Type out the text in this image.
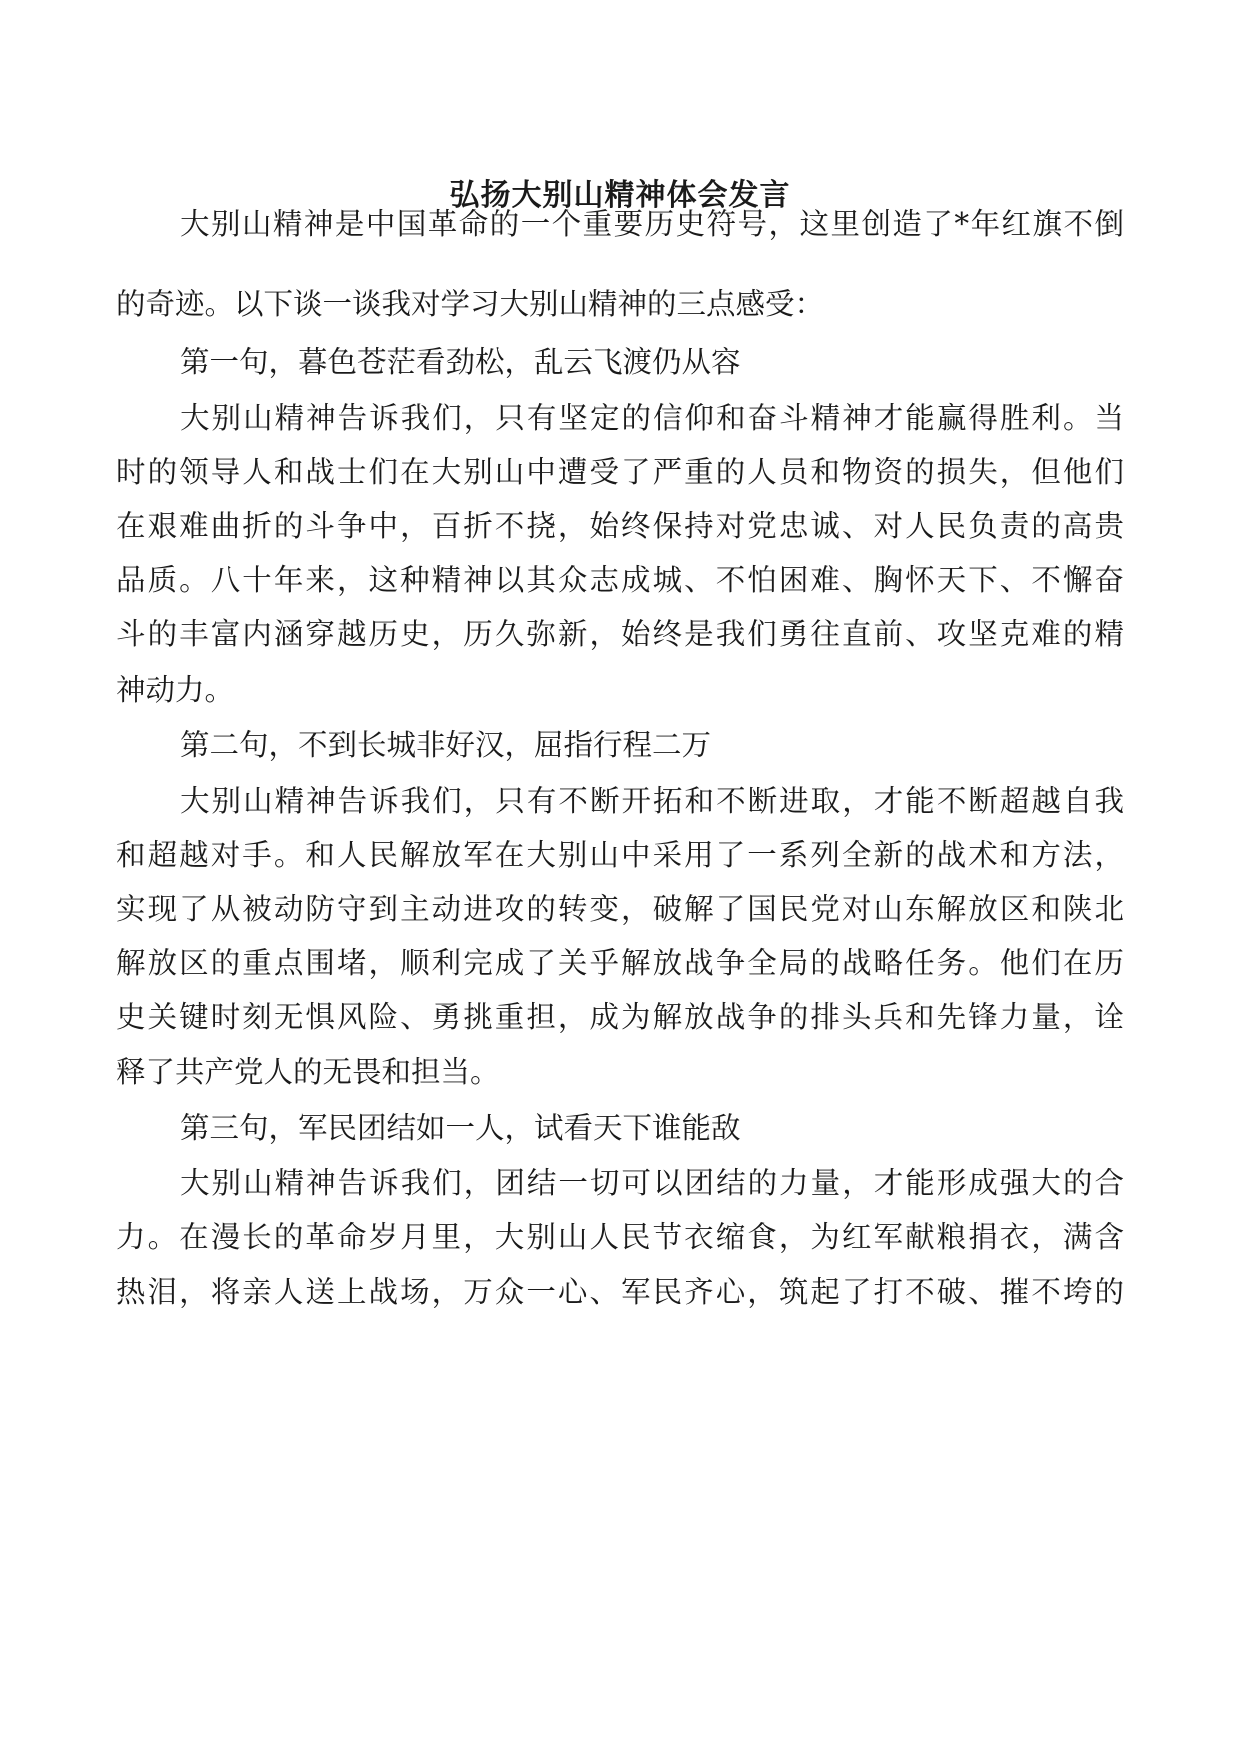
弘扬大别山精神体会发言
大别山精神是中国革命的一个重要历史符号，这里创造了*年红旗不倒
的奇迹。以下谈一谈我对学习大别山精神的三点感受：
第一句，暮色苍茫看劲松，乱云飞渡仍从容
大别山精神告诉我们，只有坚定的信仰和奋斗精神才能赢得胜利。当
时的领导人和战士们在大别山中遭受了严重的人员和物资的损失，但他们
在艰难曲折的斗争中，百折不挠，始终保持对党忠诚、对人民负责的高贵
品质。八十年来，这种精神以其众志成城、不怕困难、胸怀天下、不懈奋
斗的丰富内涵穿越历史，历久弥新，始终是我们勇往直前、攻坚克难的精
神动力。
第二句，不到长城非好汉，屈指行程二万
大别山精神告诉我们，只有不断开拓和不断进取，才能不断超越自我
和超越对手。和人民解放军在大别山中采用了一系列全新的战术和方法，
实现了从被动防守到主动进攻的转变，破解了国民党对山东解放区和陕北
解放区的重点围堵，顺利完成了关乎解放战争全局的战略任务。他们在历
史关键时刻无惧风险、勇挑重担，成为解放战争的排头兵和先锋力量，诠
释了共产党人的无畏和担当。
第三句，军民团结如一人，试看天下谁能敌
大别山精神告诉我们，团结一切可以团结的力量，才能形成强大的合
力。在漫长的革命岁月里，大别山人民节衣缩食，为红军献粮捐衣，满含
热泪，将亲人送上战场，万众一心、军民齐心，筑起了打不破、摧不垮的
